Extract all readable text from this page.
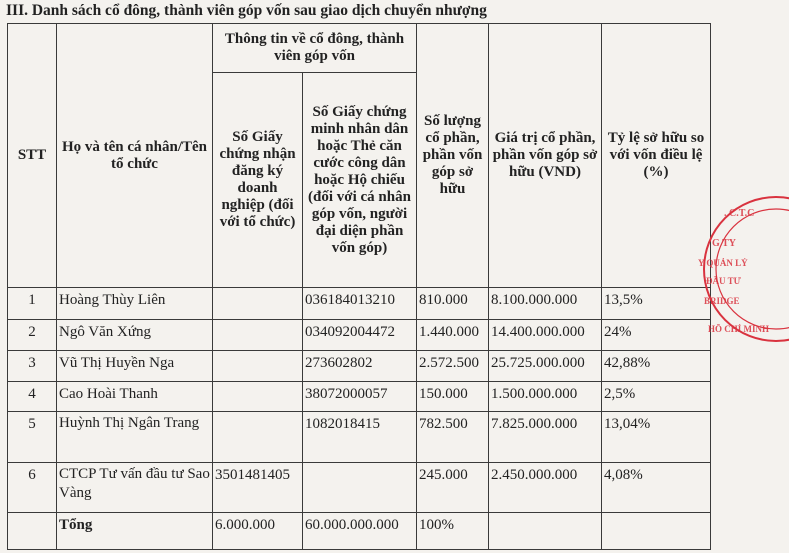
III. Danh sách cổ đông, thành viên góp vốn sau giao dịch chuyển nhượng
STT	Họ và tên cá nhân/Tên tổ chức	Thông tin về cổ đông, thành viên góp vốn		Số lượng cổ phần, phần vốn góp sở hữu	Giá trị cổ phần, phần vốn góp sở hữu (VND)	Tỷ lệ sở hữu so với vốn điều lệ (%)
		Số Giấy chứng nhận đăng ký doanh nghiệp (đối với tổ chức)	Số Giấy chứng minh nhân dân hoặc Thẻ căn cước công dân hoặc Hộ chiếu (đối với cá nhân góp vốn, người đại diện phần vốn góp)			
1	Hoàng Thùy Liên		036184013210	810.000	8.100.000.000	13,5%
2	Ngô Văn Xứng		034092004472	1.440.000	14.400.000.000	24%
3	Vũ Thị Huyền Nga		273602802	2.572.500	25.725.000.000	42,88%
4	Cao Hoài Thanh		38072000057	150.000	1.500.000.000	2,5%
5	Huỳnh Thị Ngân Trang		1082018415	782.500	7.825.000.000	13,04%
6	CTCP Tư vấn đầu tư Sao Vàng	3501481405		245.000	2.450.000.000	4,08%
	Tổng	6.000.000	60.000.000.000	100%		
. C.T.C
G TY
Y QUẢN LÝ
ĐẦU TƯ
BRIDGE
HỒ CHÍ MINH
